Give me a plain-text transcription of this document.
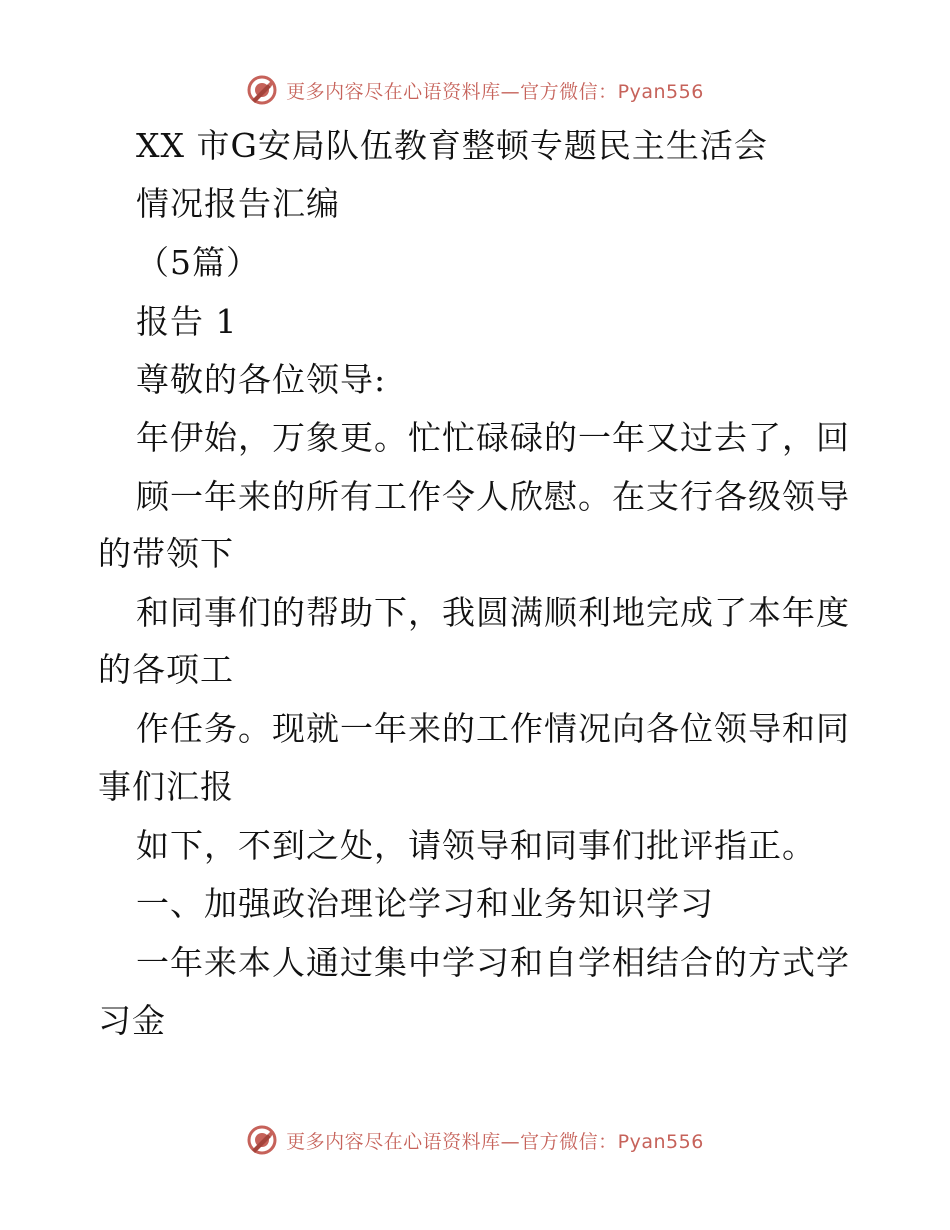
更多内容尽在心语资料库—官方微信：Pyan556
XX 市G安局队伍教育整顿专题民主生活会
情况报告汇编
（5篇）
报告 1
尊敬的各位领导:
年伊始，万象更。忙忙碌碌的一年又过去了，回
顾一年来的所有工作令人欣慰。在支行各级领导
的带领下
和同事们的帮助下，我圆满顺利地完成了本年度
的各项工
作任务。现就一年来的工作情况向各位领导和同
事们汇报
如下，不到之处，请领导和同事们批评指正。
一、加强政治理论学习和业务知识学习
一年来本人通过集中学习和自学相结合的方式学
习金
更多内容尽在心语资料库—官方微信：Pyan556
